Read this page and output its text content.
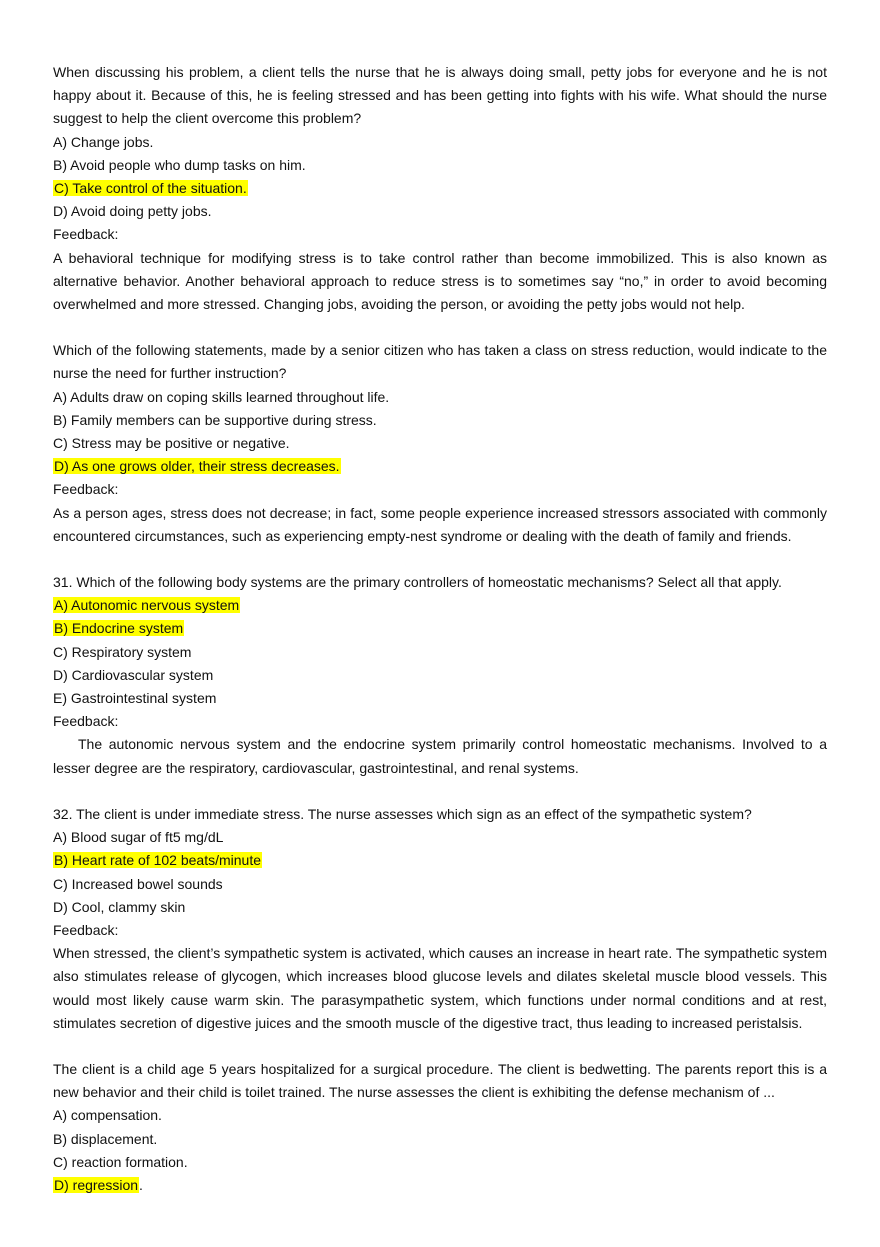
When discussing his problem, a client tells the nurse that he is always doing small, petty jobs for everyone and he is not happy about it. Because of this, he is feeling stressed and has been getting into fights with his wife. What should the nurse suggest to help the client overcome this problem?

A) Change jobs.

B) Avoid people who dump tasks on him.

C) Take control of the situation.

D) Avoid doing petty jobs.

Feedback:

A behavioral technique for modifying stress is to take control rather than become immobilized. This is also known as alternative behavior. Another behavioral approach to reduce stress is to sometimes say “no,” in order to avoid becoming overwhelmed and more stressed. Changing jobs, avoiding the person, or avoiding the petty jobs would not help.

Which of the following statements, made by a senior citizen who has taken a class on stress reduction, would indicate to the nurse the need for further instruction?

A) Adults draw on coping skills learned throughout life.

B) Family members can be supportive during stress.

C) Stress may be positive or negative.

D) As one grows older, their stress decreases.

Feedback:

As a person ages, stress does not decrease; in fact, some people experience increased stressors associated with commonly encountered circumstances, such as experiencing empty-nest syndrome or dealing with the death of family and friends.

31. Which of the following body systems are the primary controllers of homeostatic mechanisms? Select all that apply.

A) Autonomic nervous system

B) Endocrine system

C) Respiratory system

D) Cardiovascular system

E) Gastrointestinal system

Feedback:

The autonomic nervous system and the endocrine system primarily control homeostatic mechanisms. Involved to a lesser degree are the respiratory, cardiovascular, gastrointestinal, and renal systems.

32. The client is under immediate stress. The nurse assesses which sign as an effect of the sympathetic system?

A) Blood sugar of ft5 mg/dL

B) Heart rate of 102 beats/minute

C) Increased bowel sounds

D) Cool, clammy skin

Feedback:

When stressed, the client’s sympathetic system is activated, which causes an increase in heart rate. The sympathetic system also stimulates release of glycogen, which increases blood glucose levels and dilates skeletal muscle blood vessels. This would most likely cause warm skin. The parasympathetic system, which functions under normal conditions and at rest, stimulates secretion of digestive juices and the smooth muscle of the digestive tract, thus leading to increased peristalsis.

The client is a child age 5 years hospitalized for a surgical procedure. The client is bedwetting. The parents report this is a new behavior and their child is toilet trained. The nurse assesses the client is exhibiting the defense mechanism of ...

A) compensation.

B) displacement.

C) reaction formation.

D) regression.
